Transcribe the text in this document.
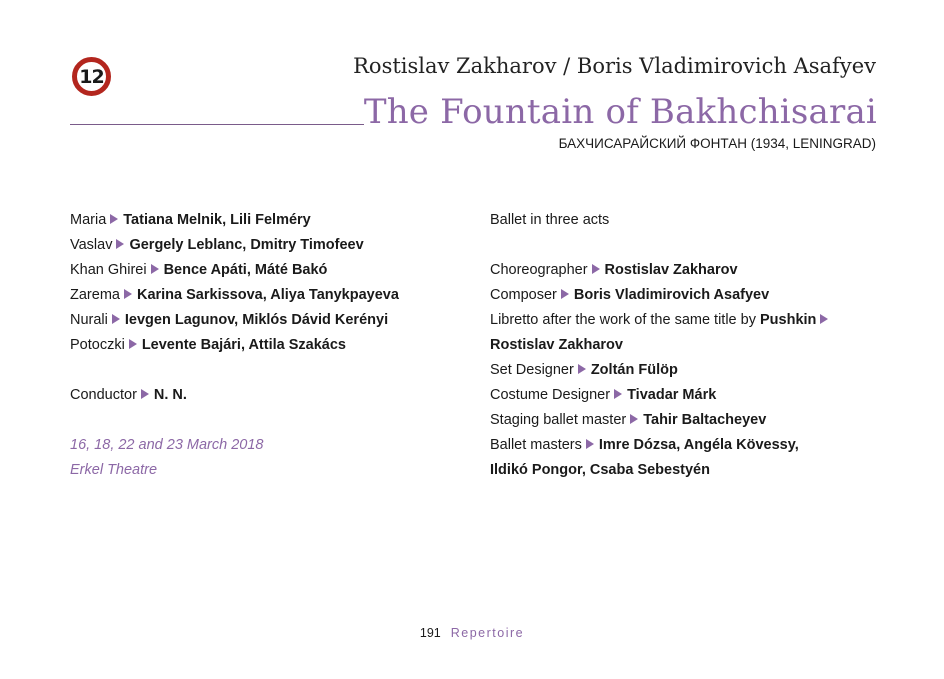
12	Rostislav Zakharov / Boris Vladimirovich Asafyev
The Fountain of Bakhchisarai
БАХЧИСАРАЙСКИЙ ФОНТАН (1934, LENINGRAD)
Maria Tatiana Melnik, Lili Felméry
Vaslav Gergely Leblanc, Dmitry Timofeev
Khan Ghirei Bence Apáti, Máté Bakó
Zarema Karina Sarkissova, Aliya Tanykpayeva
Nurali Ievgen Lagunov, Miklós Dávid Kerényi
Potoczki Levente Bajári, Attila Szakács
Conductor N. N.
16, 18, 22 and 23 March 2018
Erkel Theatre
Ballet in three acts
Choreographer Rostislav Zakharov
Composer Boris Vladimirovich Asafyev
Libretto after the work of the same title by Pushkin
Rostislav Zakharov
Set Designer Zoltán Fülöp
Costume Designer Tivadar Márk
Staging ballet master Tahir Baltacheyev
Ballet masters Imre Dózsa, Angéla Kövessy,
Ildikó Pongor, Csaba Sebestyén
191 Repertoire
